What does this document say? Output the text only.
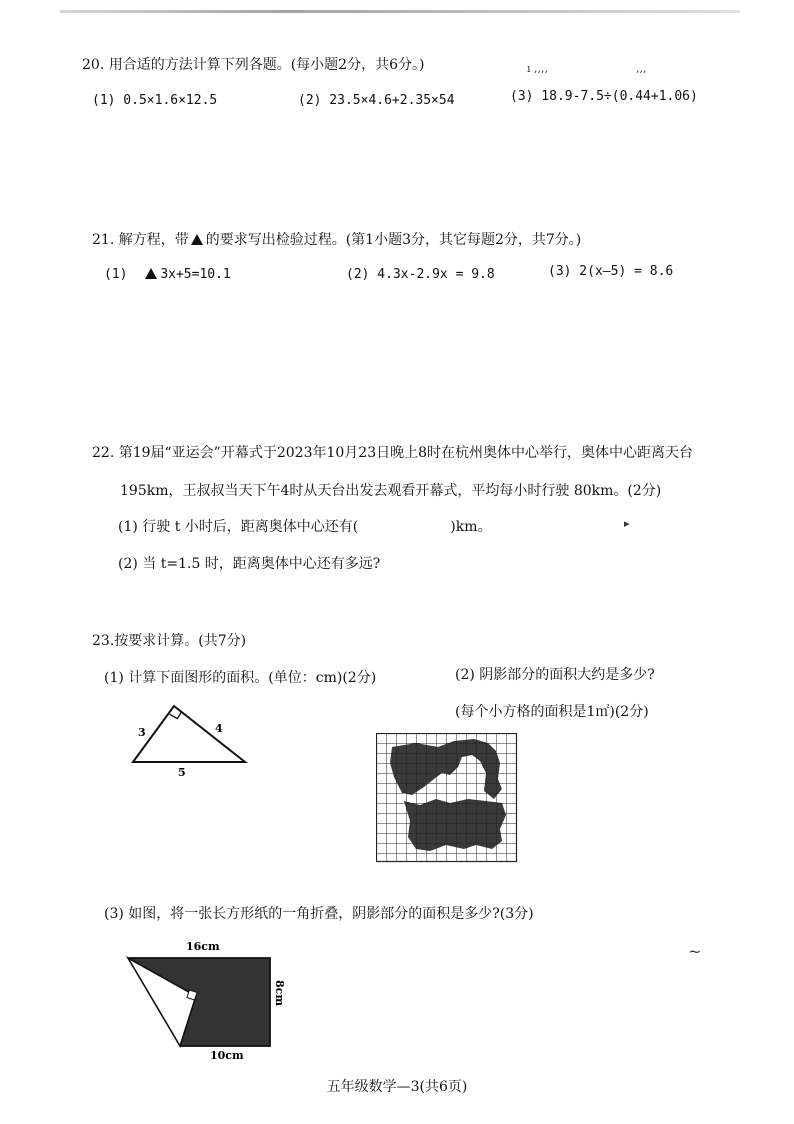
ı ,,,,	,,,
20. 用合适的方法计算下列各题。(每小题2分，共6分。)
(1) 0.5×1.6×12.5	(2) 23.5×4.6+2.35×54	(3) 18.9-7.5÷(0.44+1.06)
21. 解方程，带 的要求写出检验过程。(第1小题3分，其它每题2分，共7分。)
(1)	3x+5=10.1	(2) 4.3x-2.9x = 9.8	(3) 2(x—5) = 8.6
22. 第19届“亚运会”开幕式于2023年10月23日晚上8时在杭州奥体中心举行，奥体中心距离天台
195km，王叔叔当天下午4时从天台出发去观看开幕式，平均每小时行驶 80km。(2分)
(1) 行驶 t 小时后，距离奥体中心还有(	)km。	▸
(2) 当 t=1.5 时，距离奥体中心还有多远?
23.按要求计算。(共7分)
(1) 计算下面图形的面积。(单位：cm)(2分)	(2) 阴影部分的面积大约是多少?
(每个小方格的面积是1㎡)(2分)
3	4
5
(3) 如图，将一张长方形纸的一角折叠，阴影部分的面积是多少?(3分)
~
16cm
8cm
10cm
五年级数学—3(共6页)
